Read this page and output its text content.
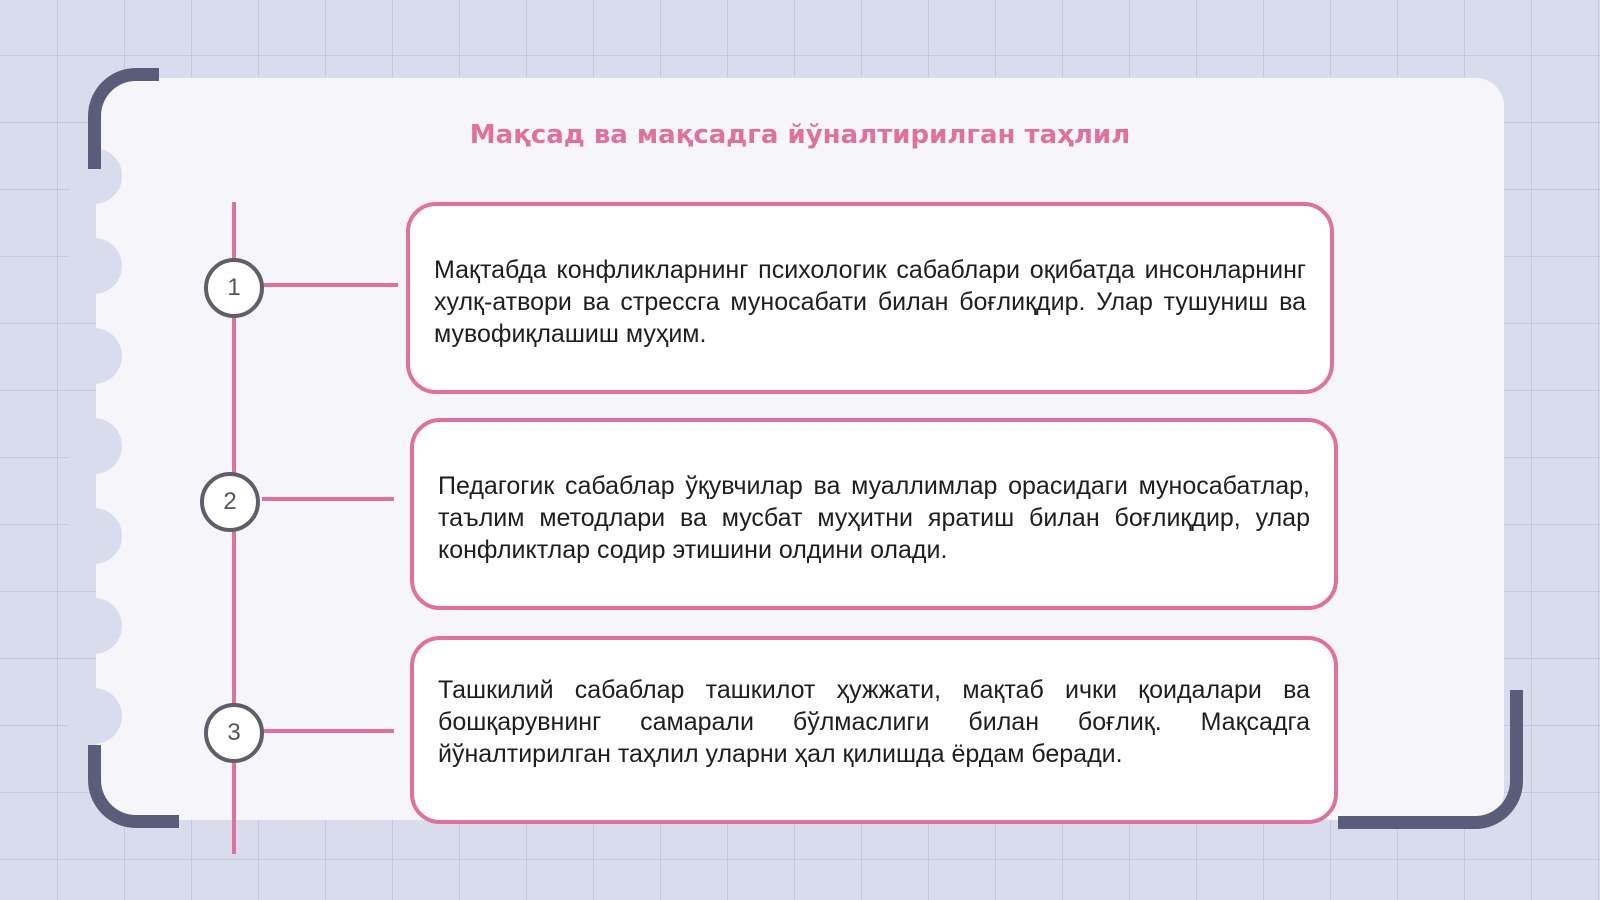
Мақсад ва мақсадга йўналтирилган таҳлил
1

Мақтабда конфликларнинг психологик сабаблари оқибатда инсонларнинг хулқ-атвори ва стрессга муносабати билан боғлиқдир. Улар тушуниш ва мувофиқлашиш муҳим.

2

Педагогик сабаблар ўқувчилар ва муаллимлар орасидаги муносабатлар, таълим методлари ва мусбат муҳитни яратиш билан боғлиқдир, улар конфликтлар содир этишини олдини олади.

3

Ташкилий сабаблар ташкилот ҳужжати, мақтаб ички қоидалари ва бошқарувнинг самарали бўлмаслиги билан боғлиқ. Мақсадга йўналтирилган таҳлил уларни ҳал қилишда ёрдам беради.
